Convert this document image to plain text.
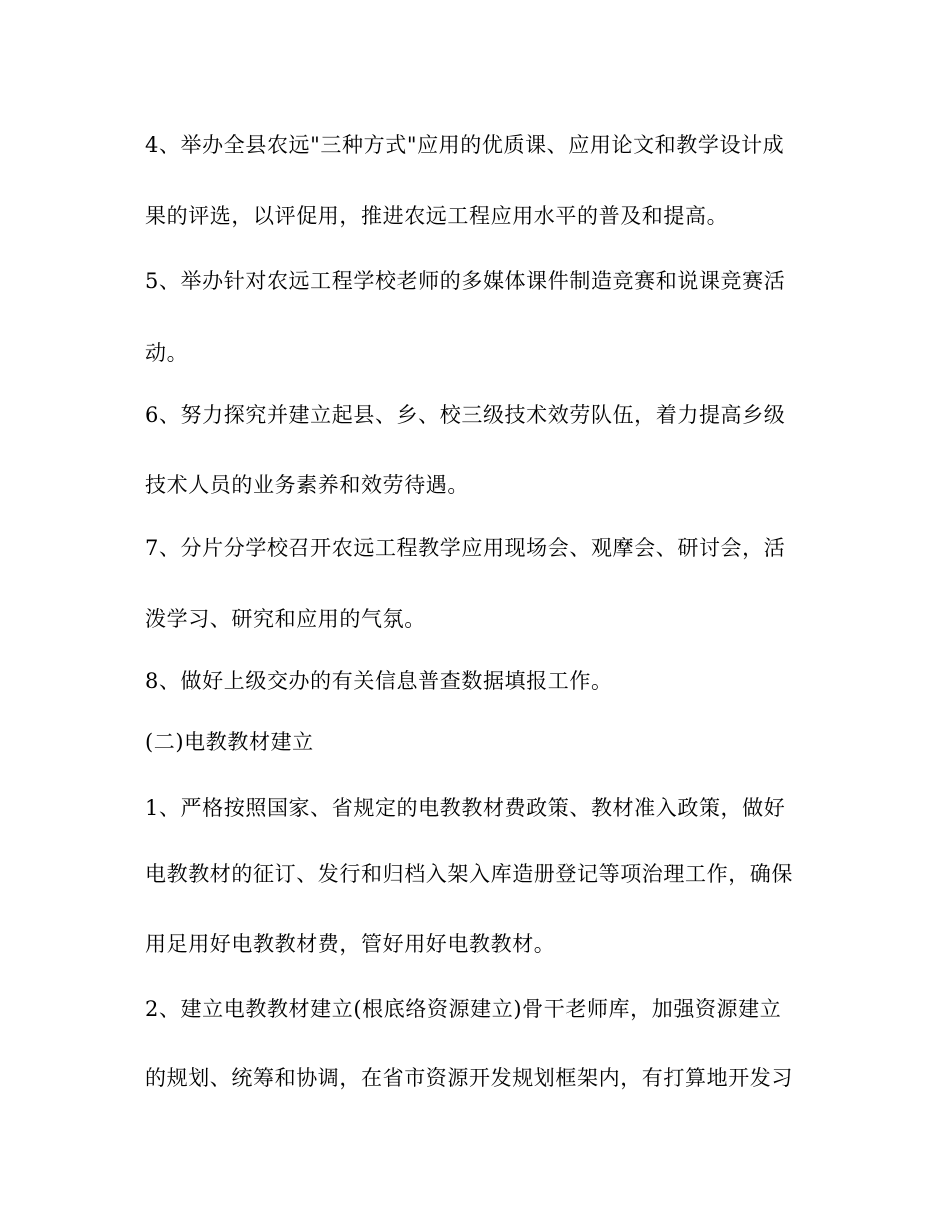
4、举办全县农远"三种方式"应用的优质课、应用论文和教学设计成
果的评选，以评促用，推进农远工程应用水平的普及和提高。
5、举办针对农远工程学校老师的多媒体课件制造竞赛和说课竞赛活
动。
6、努力探究并建立起县、乡、校三级技术效劳队伍，着力提高乡级
技术人员的业务素养和效劳待遇。
7、分片分学校召开农远工程教学应用现场会、观摩会、研讨会，活
泼学习、研究和应用的气氛。
8、做好上级交办的有关信息普查数据填报工作。
(二)电教教材建立
1、严格按照国家、省规定的电教教材费政策、教材准入政策，做好
电教教材的征订、发行和归档入架入库造册登记等项治理工作，确保
用足用好电教教材费，管好用好电教教材。
2、建立电教教材建立(根底络资源建立)骨干老师库，加强资源建立
的规划、统筹和协调，在省市资源开发规划框架内，有打算地开发习
